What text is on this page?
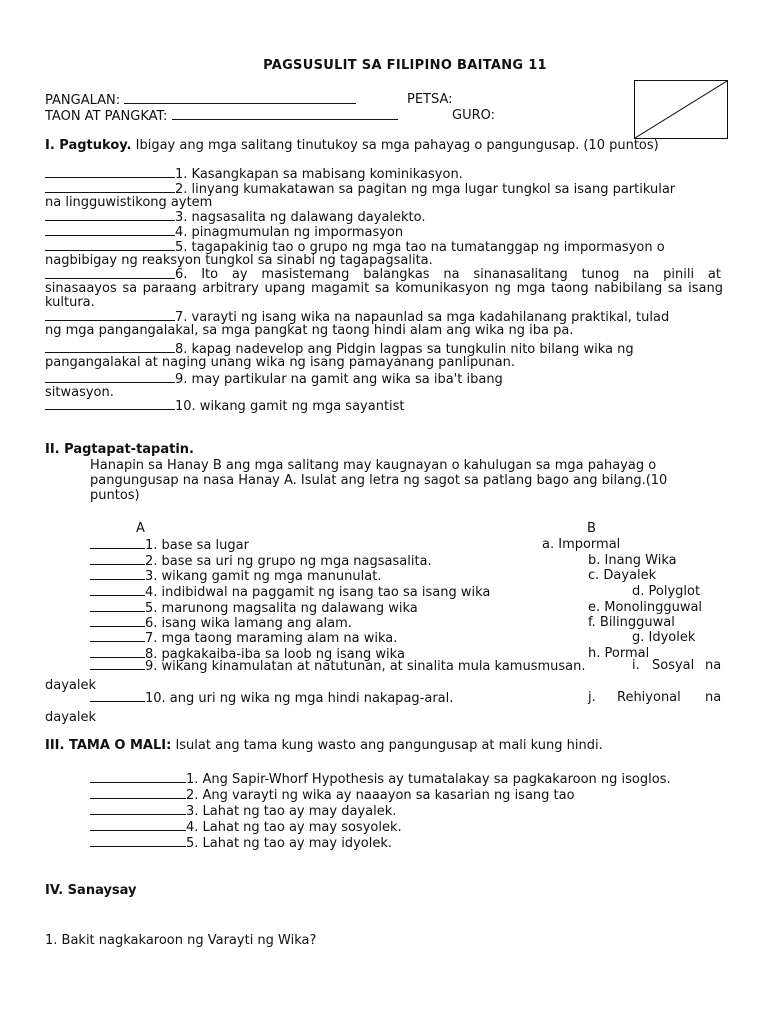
PAGSUSULIT SA FILIPINO BAITANG 11
PANGALAN:	PETSA:
TAON AT PANGKAT:	GURO:
I. Pagtukoy. Ibigay ang mga salitang tinutukoy sa mga pahayag o pangungusap. (10 puntos)
1. Kasangkapan sa mabisang kominikasyon.
2. linyang kumakatawan sa pagitan ng mga lugar tungkol sa isang partikular
na lingguwistikong aytem
3. nagsasalita ng dalawang dayalekto.
4. pinagmumulan ng impormasyon
5. tagapakinig tao o grupo ng mga tao na tumatanggap ng impormasyon o
nagbibigay ng reaksyon tungkol sa sinabi ng tagapagsalita.
6. Ito ay masistemang balangkas na sinanasalitang tunog na pinili at
sinasaayos sa paraang arbitrary upang magamit sa komunikasyon ng mga taong nabibilang sa isang
kultura.
7. varayti ng isang wika na napaunlad sa mga kadahilanang praktikal, tulad
ng mga pangangalakal, sa mga pangkat ng taong hindi alam ang wika ng iba pa.
8. kapag nadevelop ang Pidgin lagpas sa tungkulin nito bilang wika ng
pangangalakal at naging unang wika ng isang pamayanang panlipunan.
9. may partikular na gamit ang wika sa iba't ibang
sitwasyon.
10. wikang gamit ng mga sayantist
II. Pagtapat-tapatin.
Hanapin sa Hanay B ang mga salitang may kaugnayan o kahulugan sa mga pahayag o
pangungusap na nasa Hanay A. Isulat ang letra ng sagot sa patlang bago ang bilang.(10
puntos)
A	B
1. base sa lugar	a. Impormal
2. base sa uri ng grupo ng mga nagsasalita.	b. Inang Wika
3. wikang gamit ng mga manunulat.	c. Dayalek
4. indibidwal na paggamit ng isang tao sa isang wika	d. Polyglot
5. marunong magsalita ng dalawang wika	e. Monolingguwal
6. isang wika lamang ang alam.	f. Bilingguwal
7. mga taong maraming alam na wika.	g. Idyolek
8. pagkakaiba-iba sa loob ng isang wika	h. Pormal
9. wikang kinamulatan at natutunan, at sinalita mula kamusmusan.	i. Sosyal na
dayalek
10. ang uri ng wika ng mga hindi nakapag-aral.	j. Rehiyonal na
dayalek
III. TAMA O MALI: Isulat ang tama kung wasto ang pangungusap at mali kung hindi.
1. Ang Sapir-Whorf Hypothesis ay tumatalakay sa pagkakaroon ng isoglos.
2. Ang varayti ng wika ay naaayon sa kasarian ng isang tao
3. Lahat ng tao ay may dayalek.
4. Lahat ng tao ay may sosyolek.
5. Lahat ng tao ay may idyolek.
IV. Sanaysay
1. Bakit nagkakaroon ng Varayti ng Wika?
